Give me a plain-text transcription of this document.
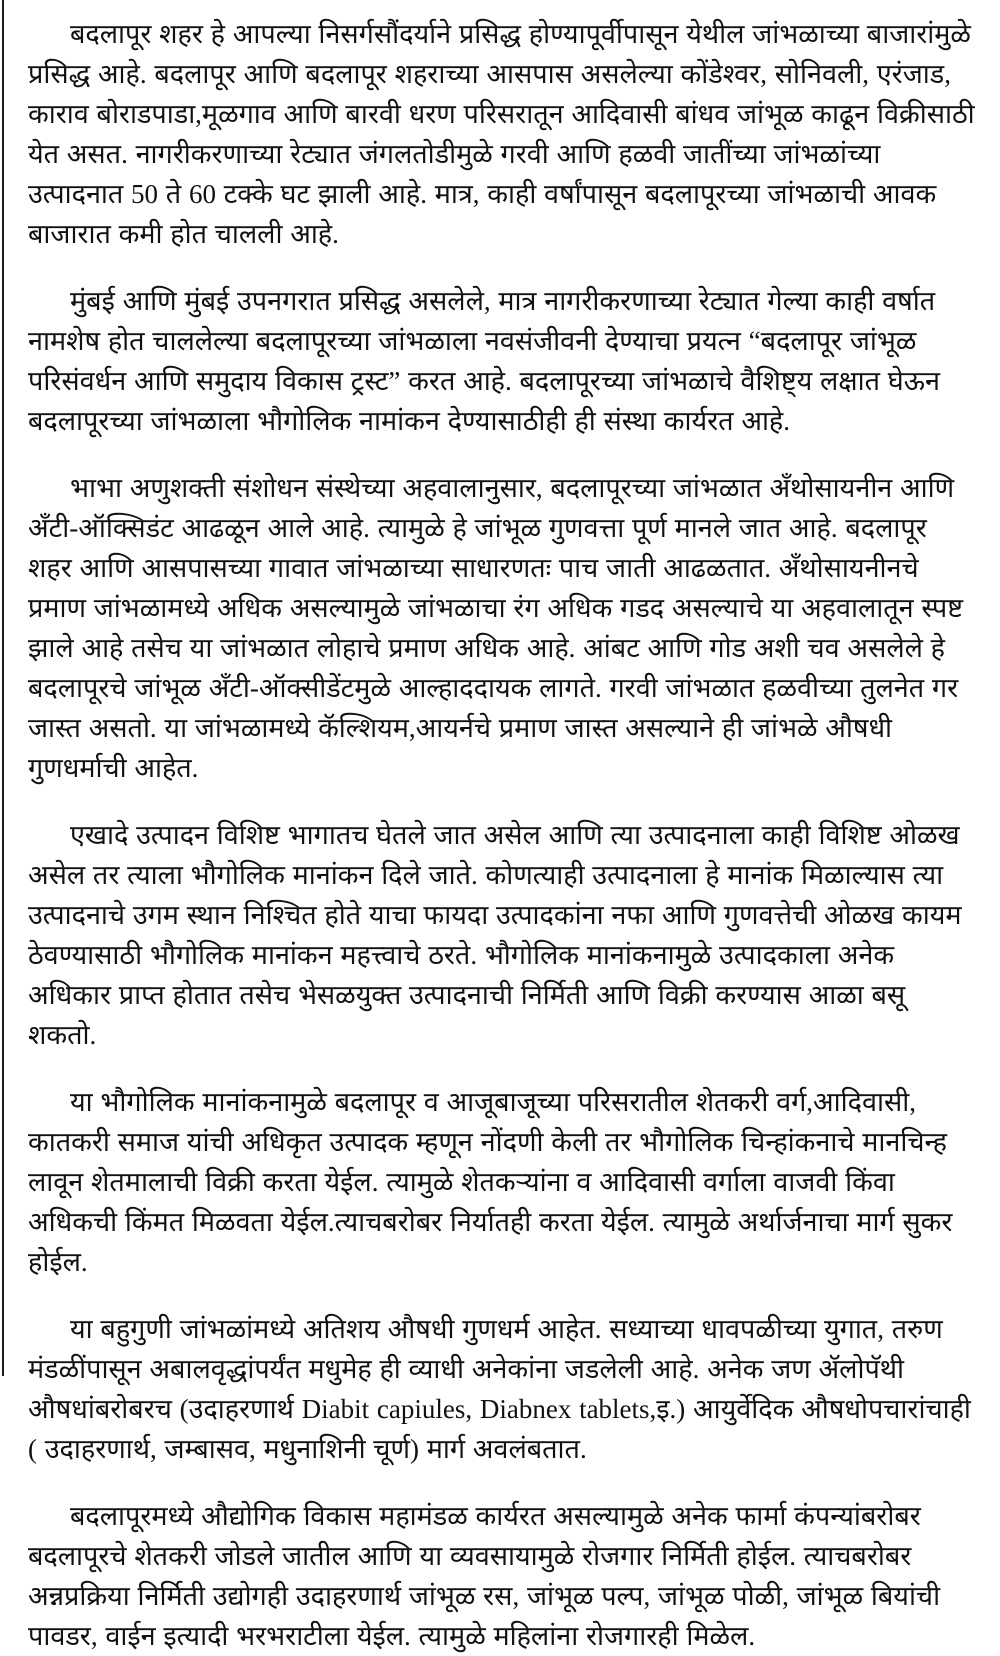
बदलापूर शहर हे आपल्या निसर्गसौंदर्याने प्रसिद्ध होण्यापूर्वीपासून येथील जांभळाच्या बाजारांमुळे प्रसिद्ध आहे. बदलापूर आणि बदलापूर शहराच्या आसपास असलेल्या कोंडेश्वर, सोनिवली, एरंजाड, काराव बोराडपाडा,मूळगाव आणि बारवी धरण परिसरातून आदिवासी बांधव जांभूळ काढून विक्रीसाठी येत असत. नागरीकरणाच्या रेट्यात जंगलतोडीमुळे गरवी आणि हळवी जातींच्या जांभळांच्या उत्पादनात 50 ते 60 टक्के घट झाली आहे. मात्र, काही वर्षांपासून बदलापूरच्या जांभळाची आवक बाजारात कमी होत चालली आहे.

मुंबई आणि मुंबई उपनगरात प्रसिद्ध असलेले, मात्र नागरीकरणाच्या रेट्यात गेल्या काही वर्षात नामशेष होत चाललेल्या बदलापूरच्या जांभळाला नवसंजीवनी देण्याचा प्रयत्न “बदलापूर जांभूळ परिसंवर्धन आणि समुदाय विकास ट्रस्ट” करत आहे. बदलापूरच्या जांभळाचे वैशिष्ट्य लक्षात घेऊन बदलापूरच्या जांभळाला भौगोलिक नामांकन देण्यासाठीही ही संस्था कार्यरत आहे.

भाभा अणुशक्ती संशोधन संस्थेच्या अहवालानुसार, बदलापूरच्या जांभळात अँथोसायनीन आणि अँटी-ऑक्सिडंट आढळून आले आहे. त्यामुळे हे जांभूळ गुणवत्ता पूर्ण मानले जात आहे. बदलापूर शहर आणि आसपासच्या गावात जांभळाच्या साधारणतः पाच जाती आढळतात. अँथोसायनीनचे प्रमाण जांभळामध्ये अधिक असल्यामुळे जांभळाचा रंग अधिक गडद असल्याचे या अहवालातून स्पष्ट झाले आहे तसेच या जांभळात लोहाचे प्रमाण अधिक आहे. आंबट आणि गोड अशी चव असलेले हे बदलापूरचे जांभूळ अँटी-ऑक्सीडेंटमुळे आल्हाददायक लागते. गरवी जांभळात हळवीच्या तुलनेत गर जास्त असतो. या जांभळामध्ये कॅल्शियम,आयर्नचे प्रमाण जास्त असल्याने ही जांभळे औषधी गुणधर्माची आहेत.

एखादे उत्पादन विशिष्ट भागातच घेतले जात असेल आणि त्या उत्पादनाला काही विशिष्ट ओळख असेल तर त्याला भौगोलिक मानांकन दिले जाते. कोणत्याही उत्पादनाला हे मानांक मिळाल्यास त्या उत्पादनाचे उगम स्थान निश्चित होते याचा फायदा उत्पादकांना नफा आणि गुणवत्तेची ओळख कायम ठेवण्यासाठी भौगोलिक मानांकन महत्त्वाचे ठरते. भौगोलिक मानांकनामुळे उत्पादकाला अनेक अधिकार प्राप्त होतात तसेच भेसळयुक्त उत्पादनाची निर्मिती आणि विक्री करण्यास आळा बसू शकतो.

या भौगोलिक मानांकनामुळे बदलापूर व आजूबाजूच्या परिसरातील शेतकरी वर्ग,आदिवासी, कातकरी समाज यांची अधिकृत उत्पादक म्हणून नोंदणी केली तर भौगोलिक चिन्हांकनाचे मानचिन्ह लावून शेतमालाची विक्री करता येईल. त्यामुळे शेतकऱ्यांना व आदिवासी वर्गाला वाजवी किंवा अधिकची किंमत मिळवता येईल.त्याचबरोबर निर्यातही करता येईल. त्यामुळे अर्थार्जनाचा मार्ग सुकर होईल.

या बहुगुणी जांभळांमध्ये अतिशय औषधी गुणधर्म आहेत. सध्याच्या धावपळीच्या युगात, तरुण मंडळींपासून अबालवृद्धांपर्यंत मधुमेह ही व्याधी अनेकांना जडलेली आहे. अनेक जण ॲलोपॅथी औषधांबरोबरच (उदाहरणार्थ Diabit capiules, Diabnex tablets,इ.) आयुर्वेदिक औषधोपचारांचाही ( उदाहरणार्थ, जम्बासव, मधुनाशिनी चूर्ण) मार्ग अवलंबतात.

बदलापूरमध्ये औद्योगिक विकास महामंडळ कार्यरत असल्यामुळे अनेक फार्मा कंपन्यांबरोबर बदलापूरचे शेतकरी जोडले जातील आणि या व्यवसायामुळे रोजगार निर्मिती होईल. त्याचबरोबर अन्नप्रक्रिया निर्मिती उद्योगही उदाहरणार्थ जांभूळ रस, जांभूळ पल्प, जांभूळ पोळी, जांभूळ बियांची पावडर, वाईन इत्यादी भरभराटीला येईल. त्यामुळे महिलांना रोजगारही मिळेल.
